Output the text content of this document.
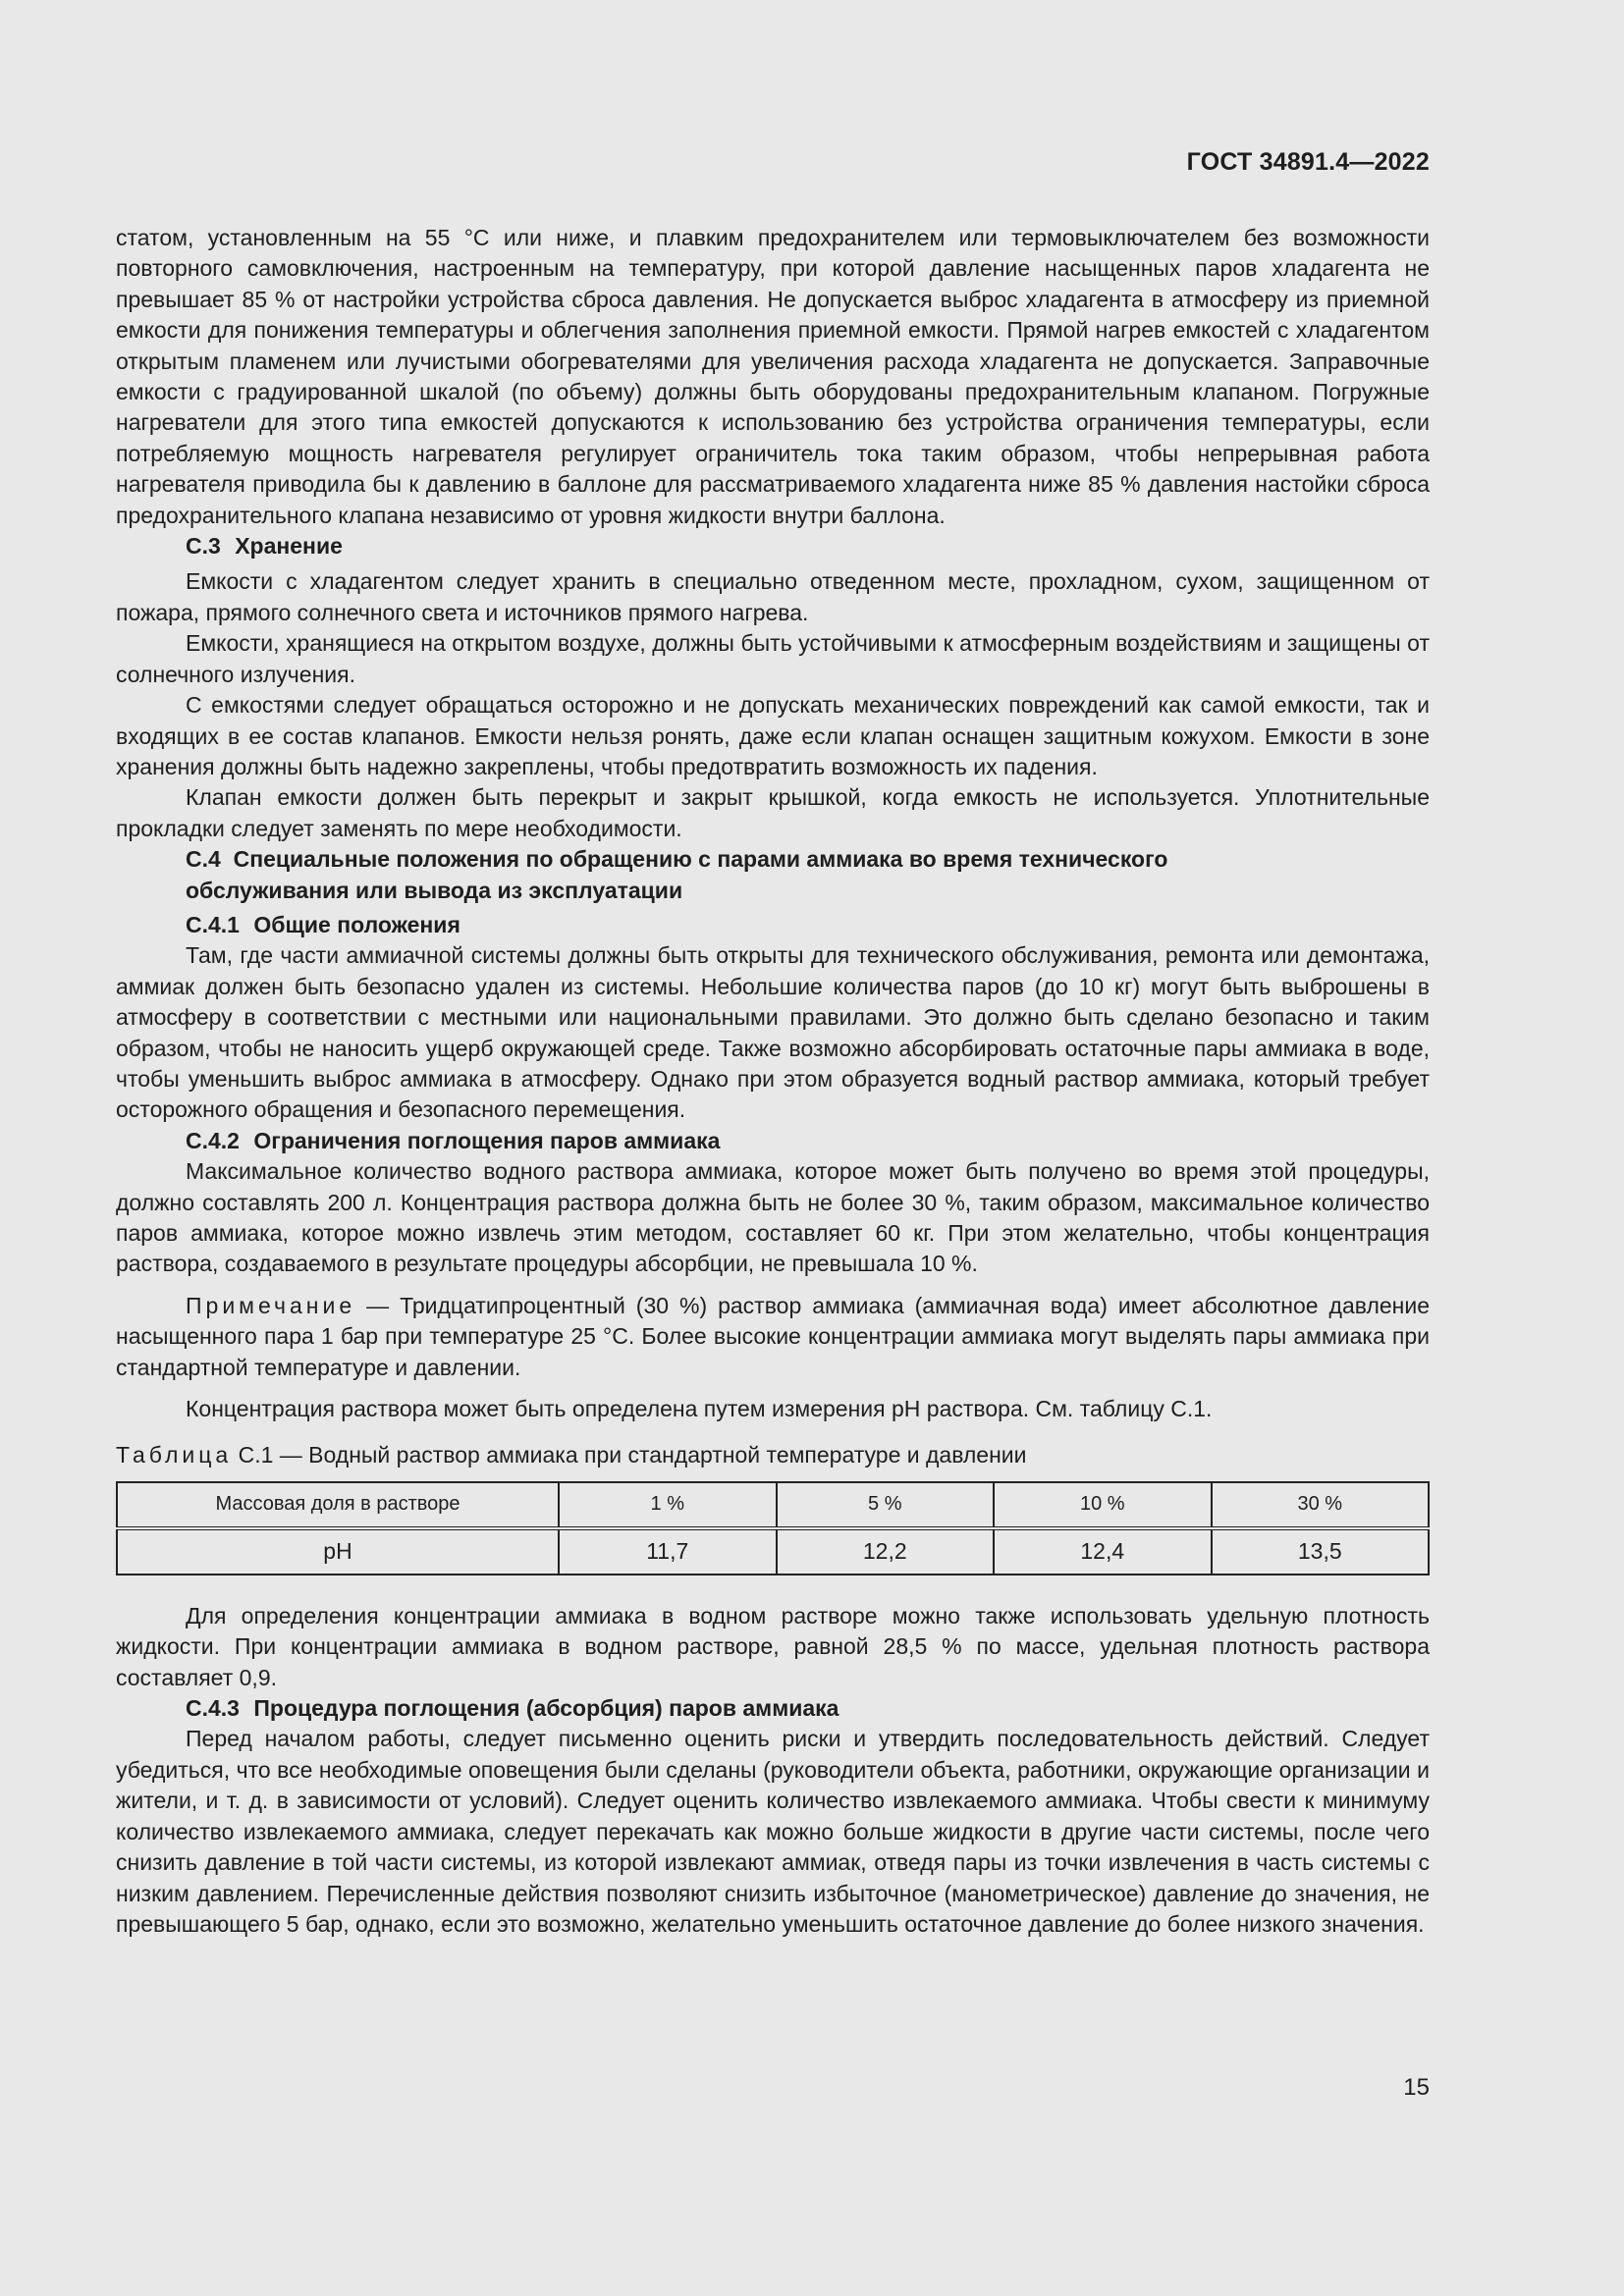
ГОСТ 34891.4—2022

статом, установленным на 55 °С или ниже, и плавким предохранителем или термовыключателем без возможности повторного самовключения, настроенным на температуру, при которой давление насыщенных паров хладагента не превышает 85 % от настройки устройства сброса давления. Не допускается выброс хладагента в атмосферу из приемной емкости для понижения температуры и облегчения заполнения приемной емкости. Прямой нагрев емкостей с хладагентом открытым пламенем или лучистыми обогревателями для увеличения расхода хладагента не допускается. Заправочные емкости с градуированной шкалой (по объему) должны быть оборудованы предохранительным клапаном. Погружные нагреватели для этого типа емкостей допускаются к использованию без устройства ограничения температуры, если потребляемую мощность нагревателя регулирует ограничитель тока таким образом, чтобы непрерывная работа нагревателя приводила бы к давлению в баллоне для рассматриваемого хладагента ниже 85 % давления настойки сброса предохранительного клапана независимо от уровня жидкости внутри баллона.

С.3 Хранение

Емкости с хладагентом следует хранить в специально отведенном месте, прохладном, сухом, защищенном от пожара, прямого солнечного света и источников прямого нагрева.

Емкости, хранящиеся на открытом воздухе, должны быть устойчивыми к атмосферным воздействиям и защищены от солнечного излучения.

С емкостями следует обращаться осторожно и не допускать механических повреждений как самой емкости, так и входящих в ее состав клапанов. Емкости нельзя ронять, даже если клапан оснащен защитным кожухом. Емкости в зоне хранения должны быть надежно закреплены, чтобы предотвратить возможность их падения.

Клапан емкости должен быть перекрыт и закрыт крышкой, когда емкость не используется. Уплотнительные прокладки следует заменять по мере необходимости.

С.4 Специальные положения по обращению с парами аммиака во время технического обслуживания или вывода из эксплуатации
С.4.1 Общие положения

Там, где части аммиачной системы должны быть открыты для технического обслуживания, ремонта или демонтажа, аммиак должен быть безопасно удален из системы. Небольшие количества паров (до 10 кг) могут быть выброшены в атмосферу в соответствии с местными или национальными правилами. Это должно быть сделано безопасно и таким образом, чтобы не наносить ущерб окружающей среде. Также возможно абсорбировать остаточные пары аммиака в воде, чтобы уменьшить выброс аммиака в атмосферу. Однако при этом образуется водный раствор аммиака, который требует осторожного обращения и безопасного перемещения.

С.4.2 Ограничения поглощения паров аммиака

Максимальное количество водного раствора аммиака, которое может быть получено во время этой процедуры, должно составлять 200 л. Концентрация раствора должна быть не более 30 %, таким образом, максимальное количество паров аммиака, которое можно извлечь этим методом, составляет 60 кг. При этом желательно, чтобы концентрация раствора, создаваемого в результате процедуры абсорбции, не превышала 10 %.

Примечание — Тридцатипроцентный (30 %) раствор аммиака (аммиачная вода) имеет абсолютное давление насыщенного пара 1 бар при температуре 25 °С. Более высокие концентрации аммиака могут выделять пары аммиака при стандартной температуре и давлении.

Концентрация раствора может быть определена путем измерения pH раствора. См. таблицу С.1.

Таблица С.1 — Водный раствор аммиака при стандартной температуре и давлении

Массовая доля в растворе	1 %	5 %	10 %	30 %
pH	11,7	12,2	12,4	13,5

Для определения концентрации аммиака в водном растворе можно также использовать удельную плотность жидкости. При концентрации аммиака в водном растворе, равной 28,5 % по массе, удельная плотность раствора составляет 0,9.

С.4.3 Процедура поглощения (абсорбция) паров аммиака

Перед началом работы, следует письменно оценить риски и утвердить последовательность действий. Следует убедиться, что все необходимые оповещения были сделаны (руководители объекта, работники, окружающие организации и жители, и т. д. в зависимости от условий). Следует оценить количество извлекаемого аммиака. Чтобы свести к минимуму количество извлекаемого аммиака, следует перекачать как можно больше жидкости в другие части системы, после чего снизить давление в той части системы, из которой извлекают аммиак, отведя пары из точки извлечения в часть системы с низким давлением. Перечисленные действия позволяют снизить избыточное (манометрическое) давление до значения, не превышающего 5 бар, однако, если это возможно, желательно уменьшить остаточное давление до более низкого значения.

15
